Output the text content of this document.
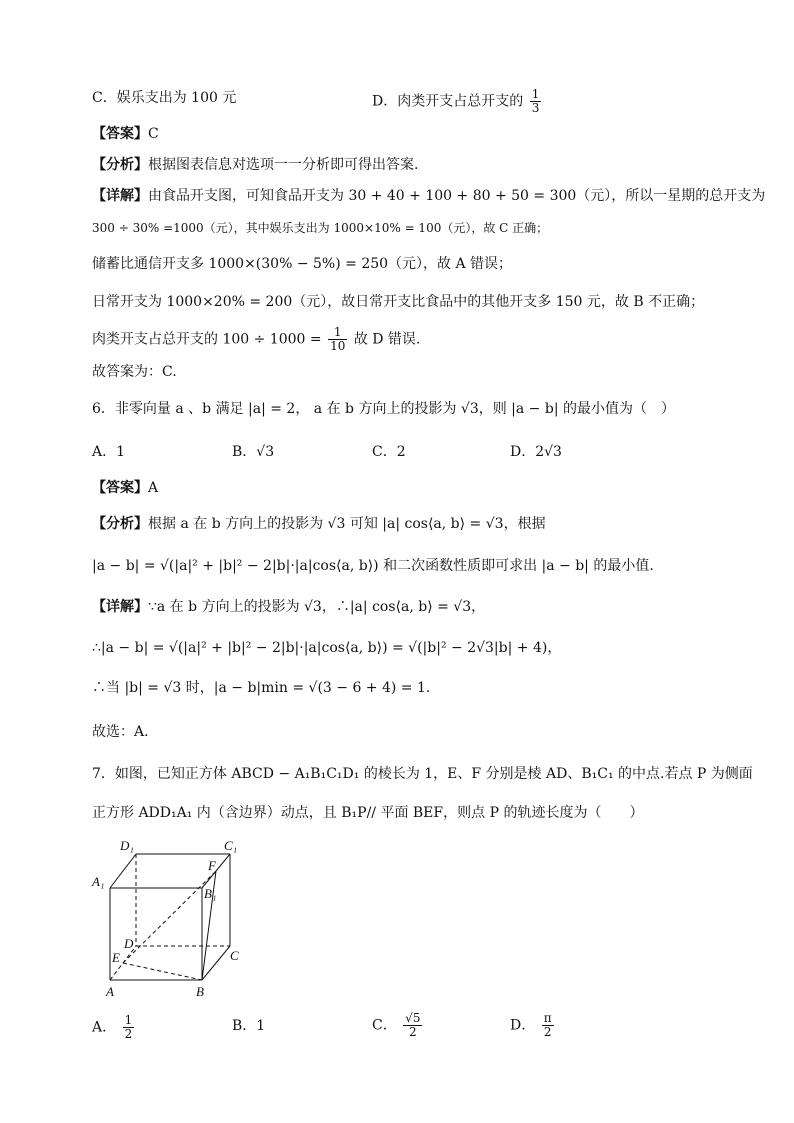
C．娱乐支出为 100 元	D．肉类开支占总开支的 $\frac{1}{3}$
【答案】C
【分析】根据图表信息对选项一一分析即可得出答案.
【详解】由食品开支图，可知食品开支为 30 + 40 + 100 + 80 + 50 = 300（元），所以一星期的总开支为
300 ÷ 30% =1000（元），其中娱乐支出为 1000×10% = 100（元），故 C 正确；
储蓄比通信开支多 1000×(30% − 5%) = 250（元），故 A 错误；
日常开支为 1000×20% = 200（元），故日常开支比食品中的其他开支多 150 元，故 B 不正确；
肉类开支占总开支的 $100 \div 1000 = \frac{1}{10}$ 故 D 错误.
故答案为：C.
6．非零向量 a 、b 满足 |a| = 2， a 在 b 方向上的投影为 √3，则 |a − b| 的最小值为（　）
A．1	B．√3	C．2	D．2√3
【答案】A
【分析】根据 a 在 b 方向上的投影为 √3 可知 |a| cos⟨a, b⟩ = √3，根据
|a − b| = √(|a|² + |b|² − 2|b|·|a|cos⟨a, b⟩) 和二次函数性质即可求出 |a − b| 的最小值.
【详解】∵a 在 b 方向上的投影为 √3，∴|a| cos⟨a, b⟩ = √3，
∴|a − b| = √(|a|² + |b|² − 2|b|·|a|cos⟨a, b⟩) = √(|b|² − 2√3|b| + 4)，
∴当 |b| = √3 时，|a − b|min = √(3 − 6 + 4) = 1.
故选：A.
7．如图，已知正方体 ABCD − A₁B₁C₁D₁ 的棱长为 1，E、F 分别是棱 AD、B₁C₁ 的中点.若点 P 为侧面
正方形 ADD₁A₁ 内（含边界）动点，且 B₁P// 平面 BEF，则点 P 的轨迹长度为（　　）
D₁	C₁
A₁
F
B₁
D
E	C
A	B
A． $\frac{1}{2}$	B．1	C． $\frac{√5}{2}$	D． $\frac{\pi}{2}$
